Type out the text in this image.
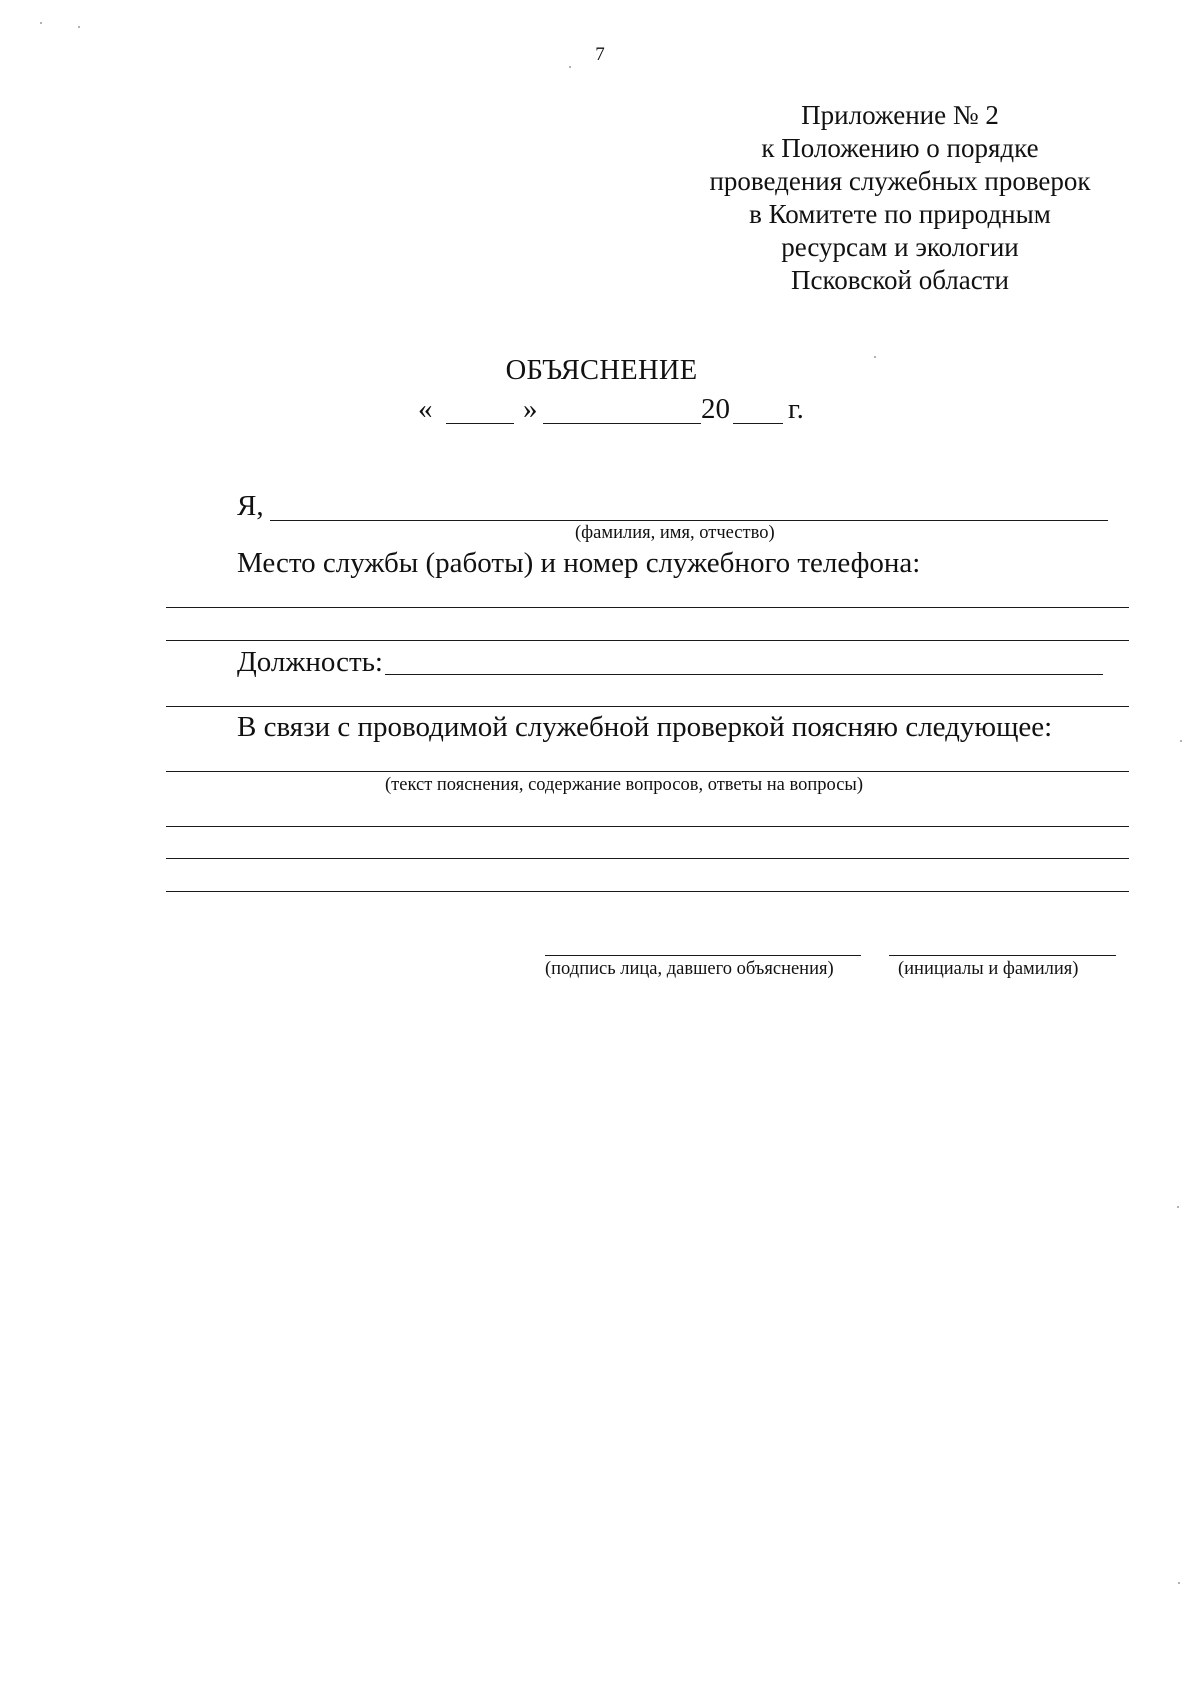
7
Приложение № 2
к Положению о порядке
проведения служебных проверок
в Комитете по природным
ресурсам и экологии
Псковской области
ОБЪЯСНЕНИЕ
«	»	20 г.
Я,
(фамилия, имя, отчество)
Место службы (работы) и номер служебного телефона:
Должность:
В связи с проводимой служебной проверкой поясняю следующее:
(текст пояснения, содержание вопросов, ответы на вопросы)
(подпись лица, давшего объяснения)	(инициалы и фамилия)
